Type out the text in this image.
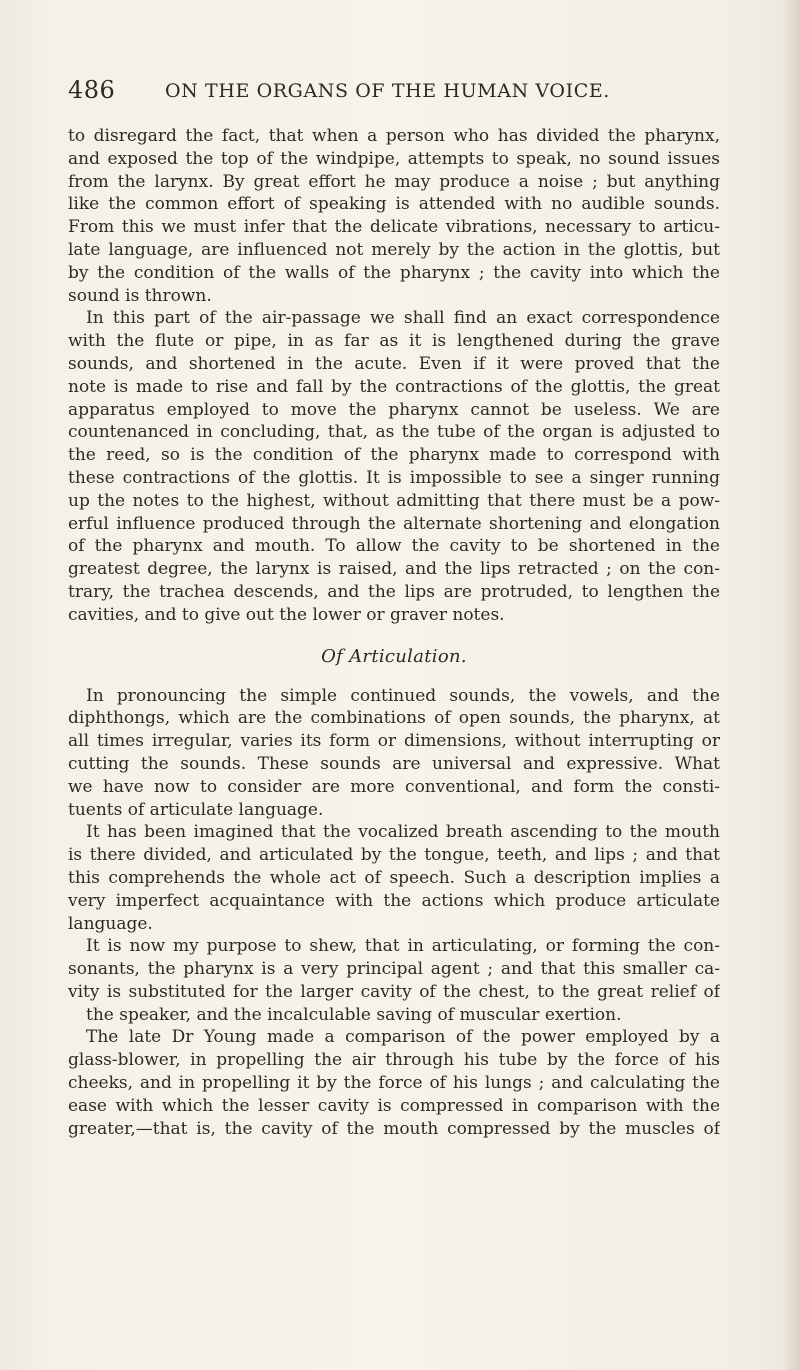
486	ON THE ORGANS OF THE HUMAN VOICE.
to disregard the fact, that when a person who has divided the pharynx,
and exposed the top of the windpipe, attempts to speak, no sound issues
from the larynx. By great effort he may produce a noise ; but anything
like the common effort of speaking is attended with no audible sounds.
From this we must infer that the delicate vibrations, necessary to articu-
late language, are influenced not merely by the action in the glottis, but
by the condition of the walls of the pharynx ; the cavity into which the
sound is thrown.
In this part of the air-passage we shall find an exact correspondence
with the flute or pipe, in as far as it is lengthened during the grave
sounds, and shortened in the acute. Even if it were proved that the
note is made to rise and fall by the contractions of the glottis, the great
apparatus employed to move the pharynx cannot be useless. We are
countenanced in concluding, that, as the tube of the organ is adjusted to
the reed, so is the condition of the pharynx made to correspond with
these contractions of the glottis. It is impossible to see a singer running
up the notes to the highest, without admitting that there must be a pow-
erful influence produced through the alternate shortening and elongation
of the pharynx and mouth. To allow the cavity to be shortened in the
greatest degree, the larynx is raised, and the lips retracted ; on the con-
trary, the trachea descends, and the lips are protruded, to lengthen the
cavities, and to give out the lower or graver notes.
Of Articulation.
In pronouncing the simple continued sounds, the vowels, and the
diphthongs, which are the combinations of open sounds, the pharynx, at
all times irregular, varies its form or dimensions, without interrupting or
cutting the sounds. These sounds are universal and expressive. What
we have now to consider are more conventional, and form the consti-
tuents of articulate language.
It has been imagined that the vocalized breath ascending to the mouth
is there divided, and articulated by the tongue, teeth, and lips ; and that
this comprehends the whole act of speech. Such a description implies a
very imperfect acquaintance with the actions which produce articulate
language.
It is now my purpose to shew, that in articulating, or forming the con-
sonants, the pharynx is a very principal agent ; and that this smaller ca-
vity is substituted for the larger cavity of the chest, to the great relief of
the speaker, and the incalculable saving of muscular exertion.
The late Dr Young made a comparison of the power employed by a
glass-blower, in propelling the air through his tube by the force of his
cheeks, and in propelling it by the force of his lungs ; and calculating the
ease with which the lesser cavity is compressed in comparison with the
greater,—that is, the cavity of the mouth compressed by the muscles of
